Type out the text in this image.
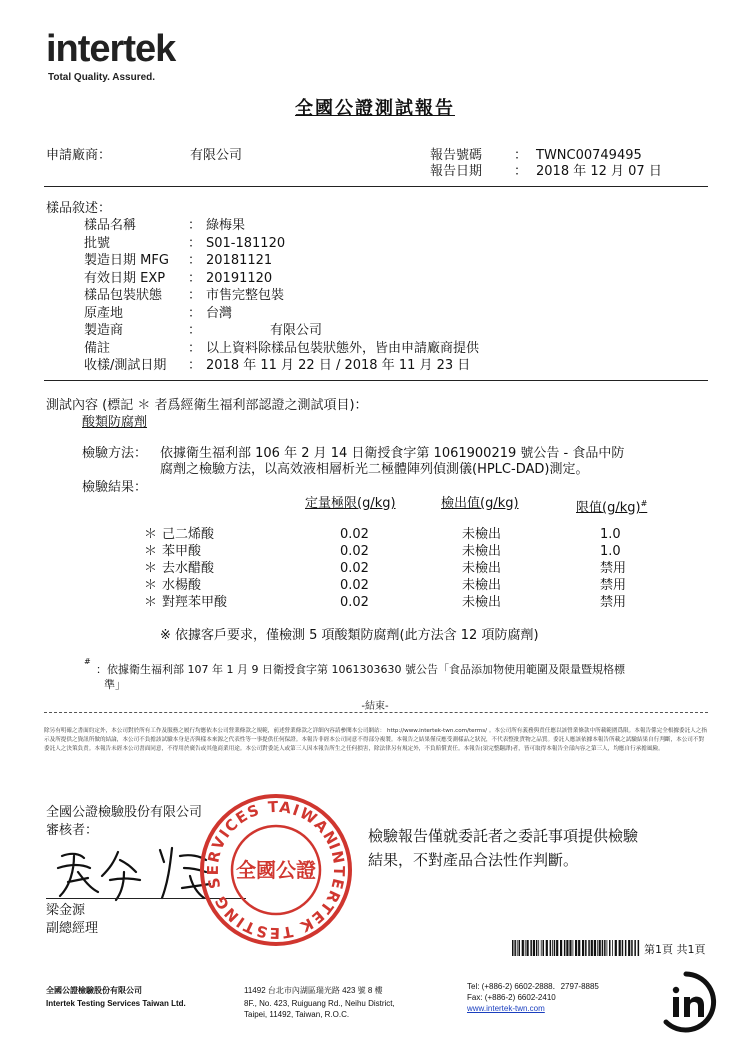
intertek
Total Quality. Assured.
全國公證測試報告
申請廠商：	有限公司	報告號碼 ： TWNC00749495
報告日期 ： 2018 年 12 月 07 日
樣品敘述：
樣品名稱	： 綠梅果
批號	： S01-181120
製造日期 MFG ： 20181121
有效日期 EXP ： 20191120
樣品包裝狀態 ： 市售完整包裝
原產地	： 台灣
製造商	：	有限公司
備註	： 以上資料除樣品包裝狀態外，皆由申請廠商提供
收樣/測試日期 ： 2018 年 11 月 22 日 / 2018 年 11 月 23 日
測試內容 (標記 ＊ 者爲經衛生福利部認證之測試項目)：
酸類防腐劑
檢驗方法： 依據衛生福利部 106 年 2 月 14 日衛授食字第 1061900219 號公告 - 食品中防
腐劑之檢驗方法，以高效液相層析光二極體陣列偵測儀(HPLC-DAD)測定。
檢驗結果：
定量極限(g/kg)	檢出值(g/kg)	限值(g/kg)#
＊ 己二烯酸	0.02	未檢出	1.0
＊ 苯甲酸	0.02	未檢出	1.0
＊ 去水醋酸	0.02	未檢出	禁用
＊ 水楊酸	0.02	未檢出	禁用
＊ 對羥苯甲酸	0.02	未檢出	禁用
※ 依據客戶要求，僅檢測 5 項酸類防腐劑(此方法含 12 項防腐劑)
#
：依據衛生福利部 107 年 1 月 9 日衛授食字第 1061303630 號公告「食品添加物使用範圍及限量暨規格標
準」
-結束-
除另有明確之書面約定外，本公司對於所有工作及服務之履行均應依本公司營業條款之規範，前述營業條款之詳細內容請參閱本公司網站： http://www.intertek-twn.com/terms/ 。本公司所有義務與責任應以該營業條款中所載範圍爲限。本報告係完全根據委託人之指示及所提供之資訊所做的結論，本公司不負擔該試驗本身是否與樣本來源之代表性等一事提供任何保證。本報告非經本公司同意不得部分複製。本報告之結果僅反應受測樣品之狀況，不代表整批貨物之品質。委託人應該依據本報告所載之試驗結果自行判斷，本公司不對委託人之決策負責。本報告未經本公司書面同意，不得用於廣告或其他商業用途。本公司對委託人或第三人因本報告所生之任何損害，除法律另有規定外，不負賠償責任。本報告(須完整翻譯)者，皆可取得本報告全部內容之第三人，均應自行承擔風險。
全國公證檢驗股份有限公司
審核者：
梁金源
副總經理
INTERTEK TESTING SERVICES TAIWAN
全國公證
檢驗報告僅就委託者之委託事項提供檢驗
結果，不對產品合法性作判斷。
第1頁 共1頁
全國公證檢驗股份有限公司
Intertek Testing Services Taiwan Ltd.
11492 台北市內湖區瑞光路 423 號 8 樓
8F., No. 423, Ruiguang Rd., Neihu District,
Taipei, 11492, Taiwan, R.O.C.
Tel: (+886-2) 6602-2888．2797-8885
Fax: (+886-2) 6602-2410
www.intertek-twn.com
